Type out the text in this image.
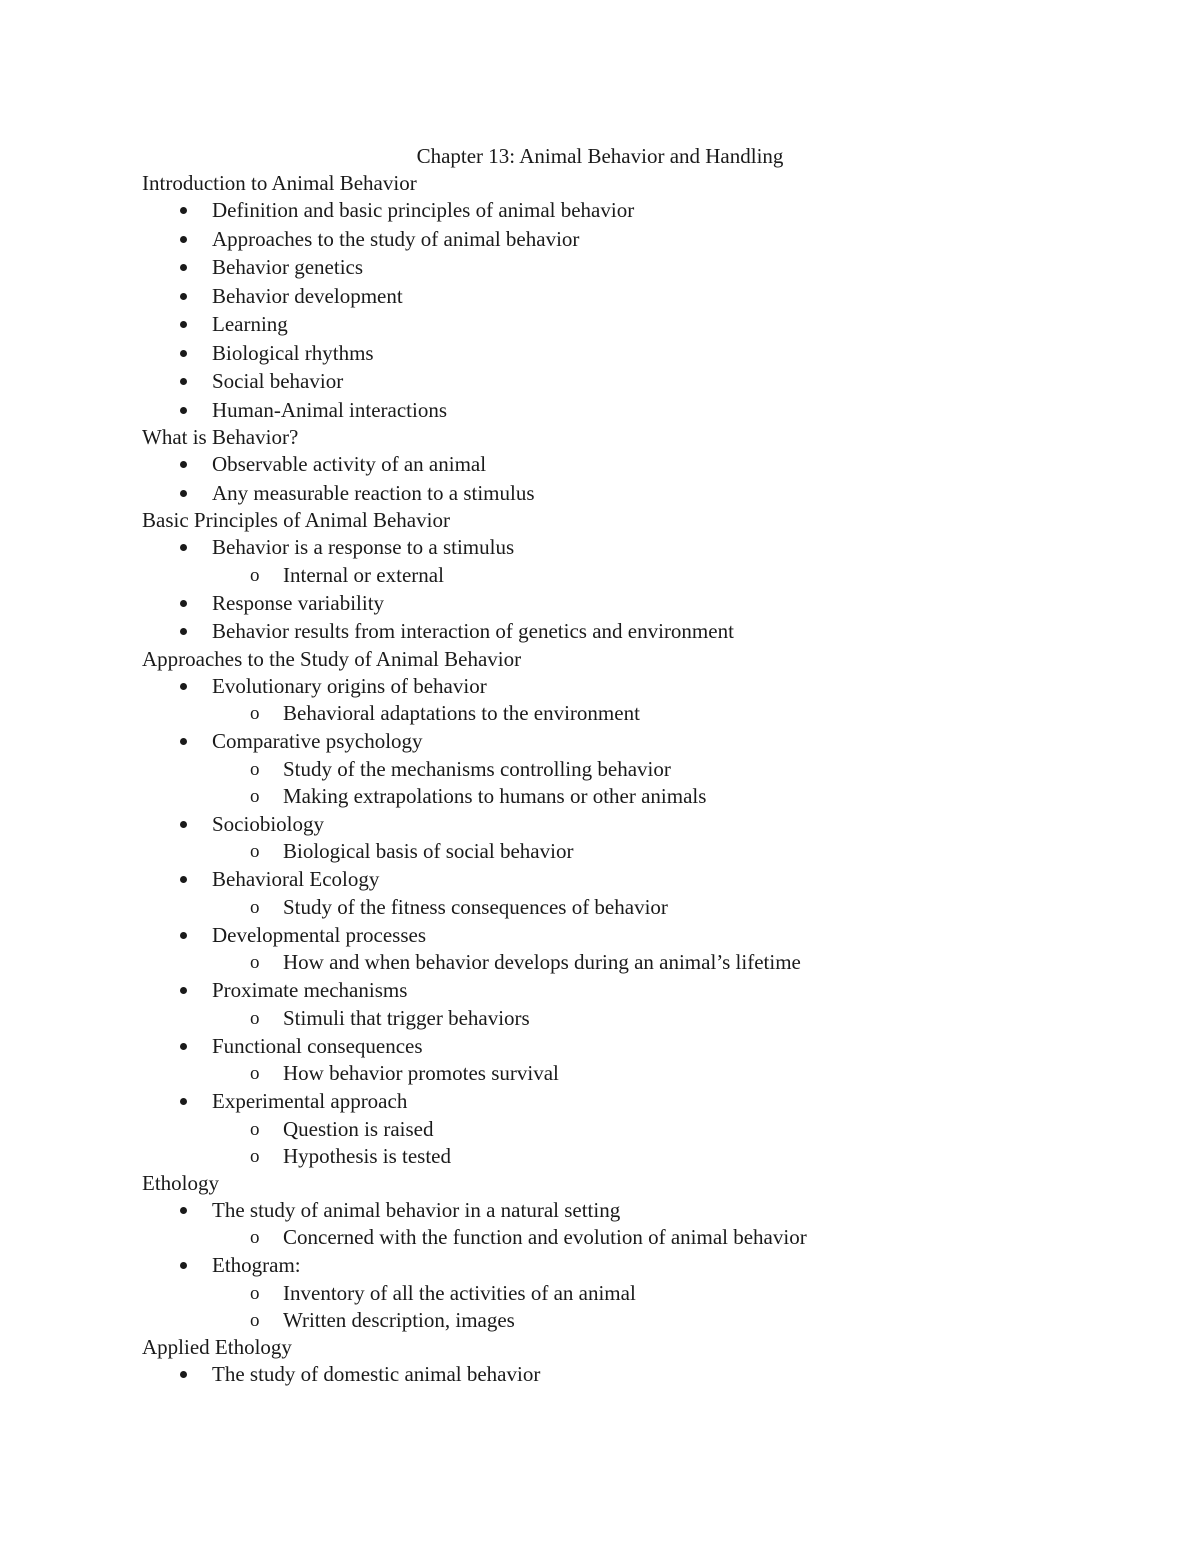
Chapter 13: Animal Behavior and Handling
Introduction to Animal Behavior
Definition and basic principles of animal behavior
Approaches to the study of animal behavior
Behavior genetics
Behavior development
Learning
Biological rhythms
Social behavior
Human-Animal interactions
What is Behavior?
Observable activity of an animal
Any measurable reaction to a stimulus
Basic Principles of Animal Behavior
Behavior is a response to a stimulus
o Internal or external
Response variability
Behavior results from interaction of genetics and environment
Approaches to the Study of Animal Behavior
Evolutionary origins of behavior
o Behavioral adaptations to the environment
Comparative psychology
o Study of the mechanisms controlling behavior
o Making extrapolations to humans or other animals
Sociobiology
o Biological basis of social behavior
Behavioral Ecology
o Study of the fitness consequences of behavior
Developmental processes
o How and when behavior develops during an animal’s lifetime
Proximate mechanisms
o Stimuli that trigger behaviors
Functional consequences
o How behavior promotes survival
Experimental approach
o Question is raised
o Hypothesis is tested
Ethology
The study of animal behavior in a natural setting
o Concerned with the function and evolution of animal behavior
Ethogram:
o Inventory of all the activities of an animal
o Written description, images
Applied Ethology
The study of domestic animal behavior
